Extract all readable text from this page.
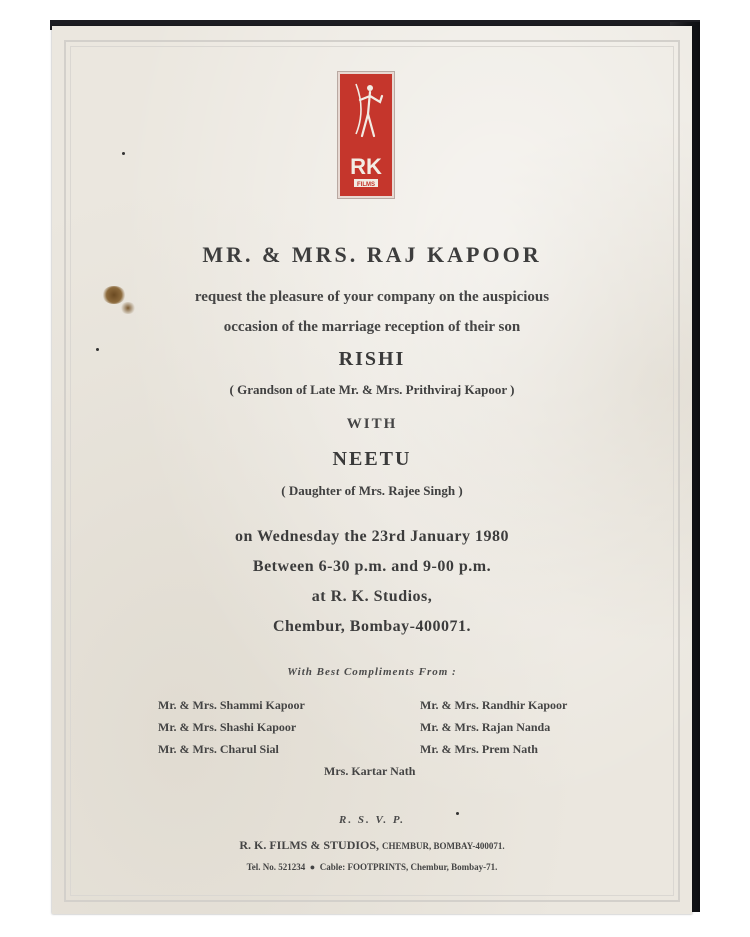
RK
FILMS
MR. & MRS. RAJ KAPOOR
request the pleasure of your company on the auspicious
occasion of the marriage reception of their son
RISHI
( Grandson of Late Mr. & Mrs. Prithviraj Kapoor )
WITH
NEETU
( Daughter of Mrs. Rajee Singh )
on Wednesday the 23rd January 1980
Between 6-30 p.m. and 9-00 p.m.
at R. K. Studios,
Chembur, Bombay-400071.
With Best Compliments From :
Mr. & Mrs. Shammi Kapoor
Mr. & Mrs. Shashi Kapoor
Mr. & Mrs. Charul Sial
Mr. & Mrs. Randhir Kapoor
Mr. & Mrs. Rajan Nanda
Mr. & Mrs. Prem Nath
Mrs. Kartar Nath
R. S. V. P.
R. K. FILMS & STUDIOS, CHEMBUR, BOMBAY-400071.
Tel. No. 521234 ● Cable: FOOTPRINTS, Chembur, Bombay-71.
